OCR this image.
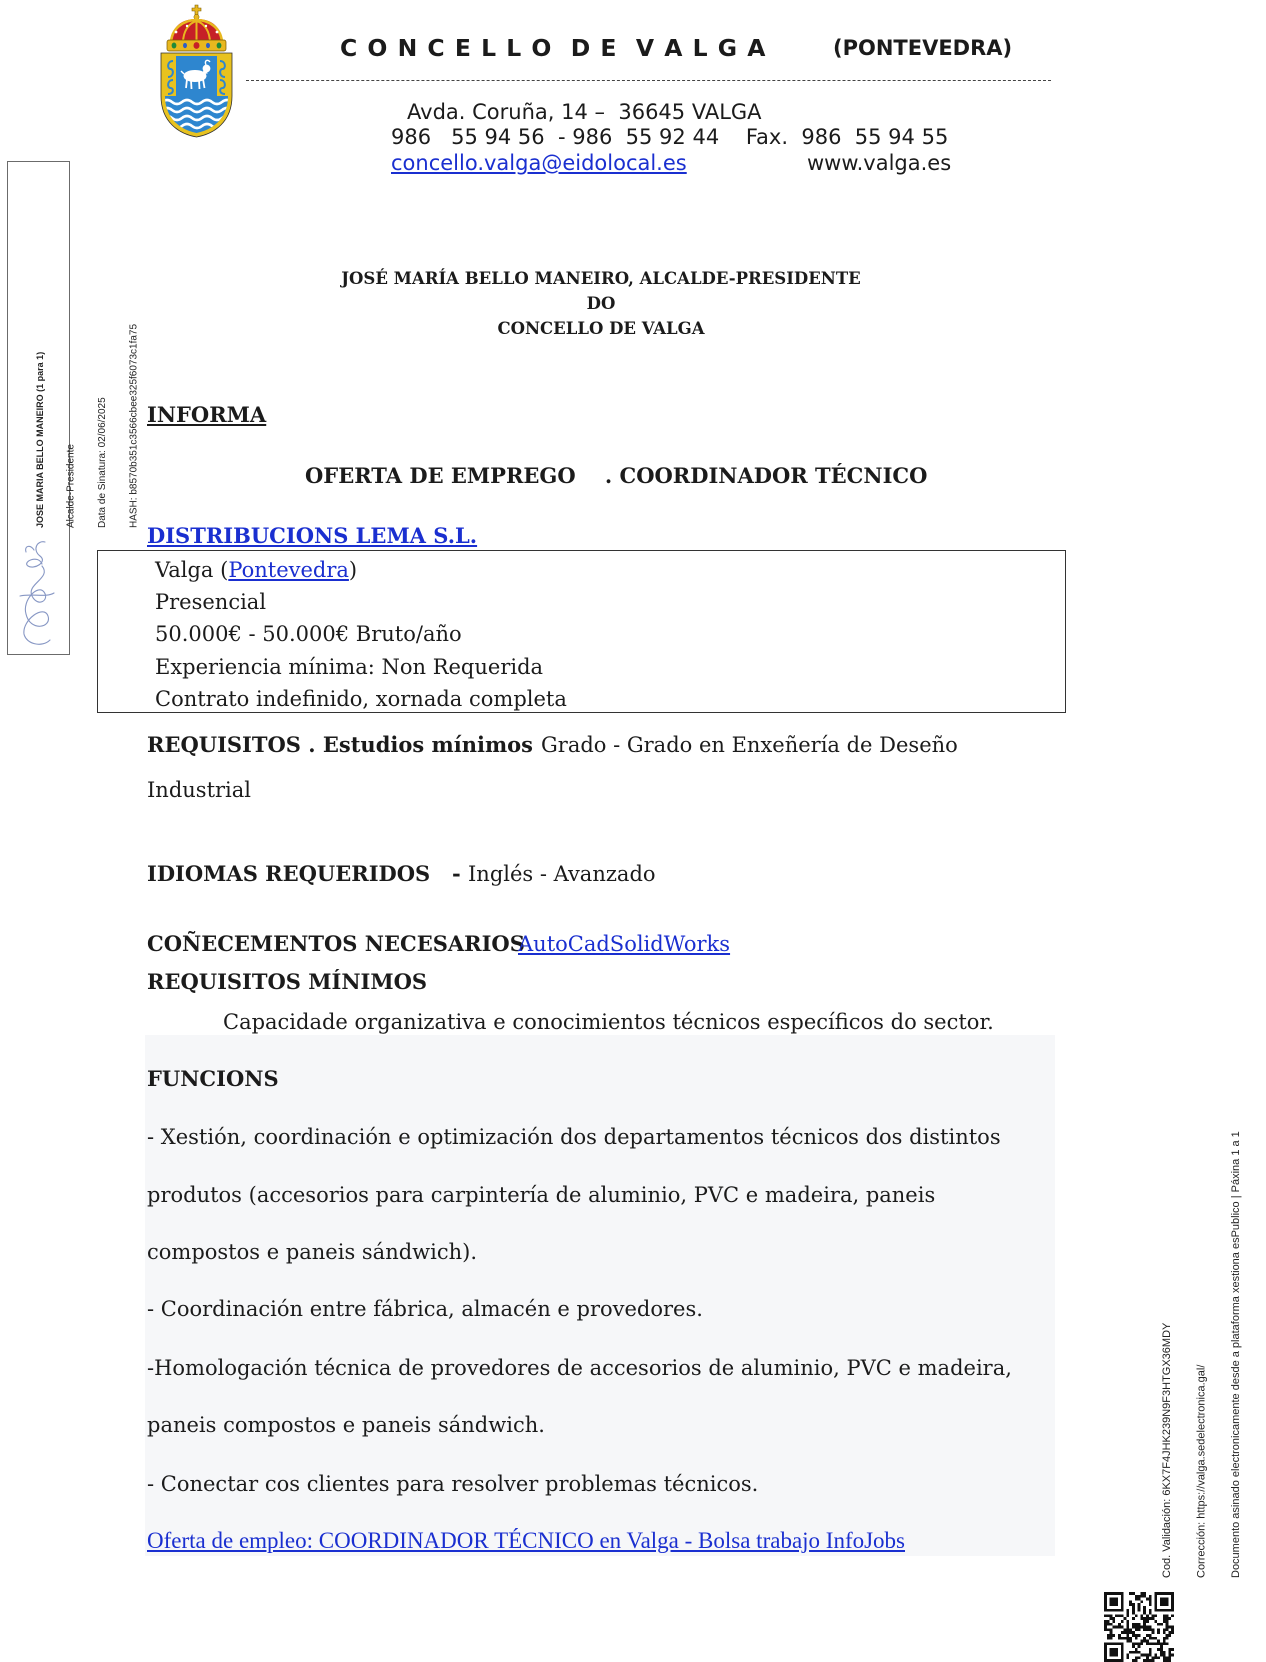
C O N C E L L O  D E  V A L G A	(PONTEVEDRA)
Avda. Coruña, 14 –  36645 VALGA
986   55 94 56  - 986  55 92 44    Fax.  986  55 94 55
concello.valga@eidolocal.es	www.valga.es

JOSE MARIA BELLO MANEIRO (1 para 1)

Alcalde-Presidente

Data de Sinatura: 02/06/2025

HASH: b8570b351c3566cbee325f6073c1fa75

JOSÉ MARÍA BELLO MANEIRO, ALCALDE-PRESIDENTE
DO
CONCELLO DE VALGA
INFORMA
OFERTA DE EMPREGO    . COORDINADOR TÉCNICO
DISTRIBUCIONS LEMA S.L.
Valga (Pontevedra)
Presencial
50.000€ - 50.000€ Bruto/año
Experiencia mínima: Non Requerida
Contrato indefinido, xornada completa
REQUISITOS . Estudios mínimos Grado - Grado en Enxeñería de Deseño
Industrial
IDIOMAS REQUERIDOS - Inglés - Avanzado
COÑECEMENTOS NECESARIOS
AutoCadSolidWorks
REQUISITOS MÍNIMOS
Capacidade organizativa e conocimientos técnicos específicos do sector.
FUNCIONS
- Xestión, coordinación e optimización dos departamentos técnicos dos distintos
produtos (accesorios para carpintería de aluminio, PVC e madeira, paneis
compostos e paneis sándwich).
- Coordinación entre fábrica, almacén e provedores.
-Homologación técnica de provedores de accesorios de aluminio, PVC e madeira,
paneis compostos e paneis sándwich.
- Conectar cos clientes para resolver problemas técnicos.
Oferta de empleo: COORDINADOR TÉCNICO en Valga - Bolsa trabajo InfoJobs

	Cod. Validación: 6KX7F4JHK239N9F3HTGX36MDY

Corrección: https://valga.sedelectronica.gal/

Documento asinado electronicamente desde a plataforma xestiona esPublico | Páxina 1 a 1
